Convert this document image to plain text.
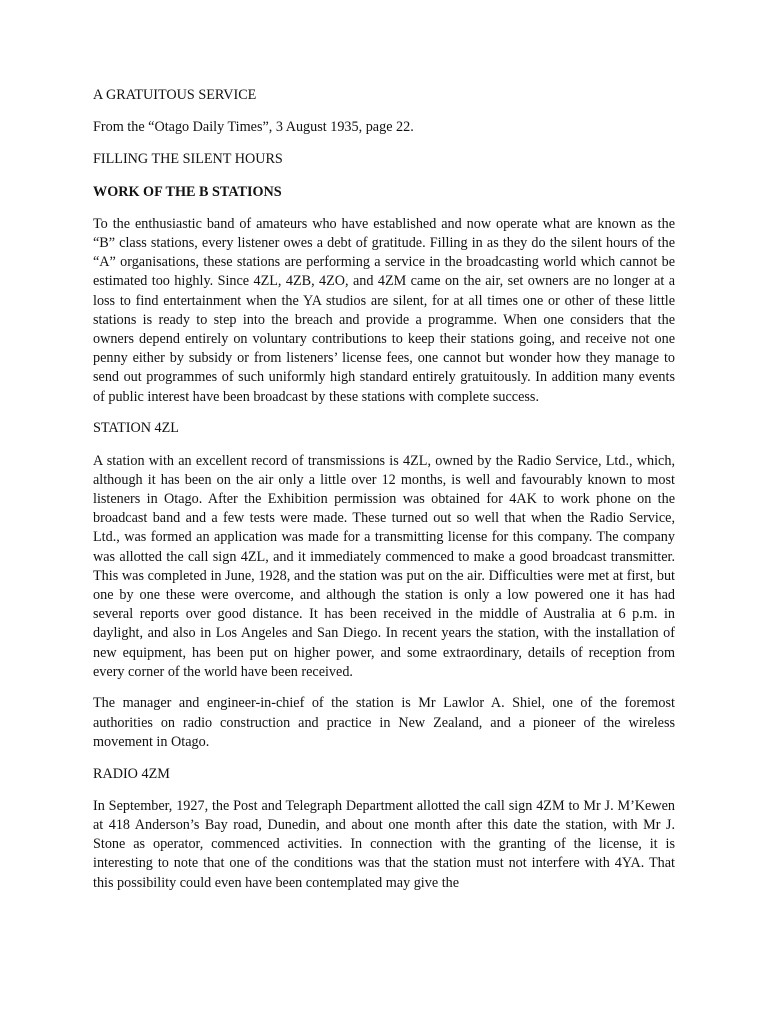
A GRATUITOUS SERVICE

From the “Otago Daily Times”, 3 August 1935, page 22.

FILLING THE SILENT HOURS

WORK OF THE B STATIONS

To the enthusiastic band of amateurs who have established and now operate what are known as the “B” class stations, every listener owes a debt of gratitude. Filling in as they do the silent hours of the “A” organisations, these stations are performing a service in the broadcasting world which cannot be estimated too highly. Since 4ZL, 4ZB, 4ZO, and 4ZM came on the air, set owners are no longer at a loss to find entertainment when the YA studios are silent, for at all times one or other of these little stations is ready to step into the breach and provide a programme. When one considers that the owners depend entirely on voluntary contributions to keep their stations going, and receive not one penny either by subsidy or from listeners’ license fees, one cannot but wonder how they manage to send out programmes of such uniformly high standard entirely gratuitously. In addition many events of public interest have been broadcast by these stations with complete success.

STATION 4ZL

A station with an excellent record of transmissions is 4ZL, owned by the Radio Service, Ltd., which, although it has been on the air only a little over 12 months, is well and favourably known to most listeners in Otago. After the Exhibition permission was obtained for 4AK to work phone on the broadcast band and a few tests were made. These turned out so well that when the Radio Service, Ltd., was formed an application was made for a transmitting license for this company. The company was allotted the call sign 4ZL, and it immediately commenced to make a good broadcast transmitter. This was completed in June, 1928, and the station was put on the air. Difficulties were met at first, but one by one these were overcome, and although the station is only a low powered one it has had several reports over good distance. It has been received in the middle of Australia at 6 p.m. in daylight, and also in Los Angeles and San Diego. In recent years the station, with the installation of new equipment, has been put on higher power, and some extraordinary, details of reception from every corner of the world have been received.

The manager and engineer-in-chief of the station is Mr Lawlor A. Shiel, one of the foremost authorities on radio construction and practice in New Zealand, and a pioneer of the wireless movement in Otago.

RADIO 4ZM

In September, 1927, the Post and Telegraph Department allotted the call sign 4ZM to Mr J. M’Kewen at 418 Anderson’s Bay road, Dunedin, and about one month after this date the station, with Mr J. Stone as operator, commenced activities. In connection with the granting of the license, it is interesting to note that one of the conditions was that the station must not interfere with 4YA. That this possibility could even have been contemplated may give the
